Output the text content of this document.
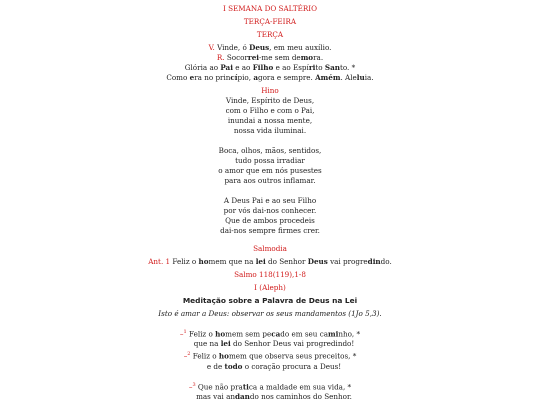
I SEMANA DO SALTÉRIO
TERÇA-FEIRA
TERÇA
V. Vinde, ó Deus, em meu auxílio.
R. Socorrei-me sem demora.
Glória ao Pai e ao Filho e ao Espírito Santo. *
Como era no princípio, agora e sempre. Amém. Aleluia.
Hino
Vinde, Espírito de Deus,
com o Filho e com o Pai,
inundai a nossa mente,
nossa vida iluminai.
Boca, olhos, mãos, sentidos,
tudo possa irradiar
o amor que em nós pusestes
para aos outros inflamar.
A Deus Pai e ao seu Filho
por vós dai-nos conhecer.
Que de ambos procedeis
dai-nos sempre firmes crer.
Salmodia
Ant. 1 Feliz o homem que na lei do Senhor Deus vai progredindo.
Salmo 118(119),1-8
I (Aleph)
Meditação sobre a Palavra de Deus na Lei
Isto é amar a Deus: observar os seus mandamentos (1Jo 5,3).
–$^1$ Feliz o homem sem pecado em seu caminho, *
que na lei do Senhor Deus vai progredindo!
–$^2$ Feliz o homem que observa seus preceitos, *
e de todo o coração procura a Deus!
–$^3$ Que não pratica a maldade em sua vida, *
mas vai andando nos caminhos do Senhor.
